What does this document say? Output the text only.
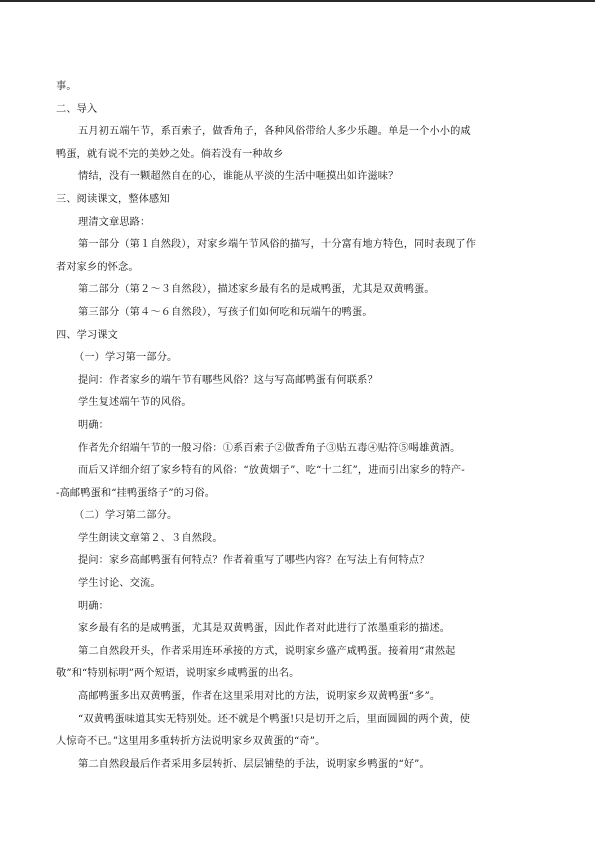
事。
二、导入
五月初五端午节，系百索子，做香角子，各种风俗带给人多少乐趣。单是一个小小的咸
鸭蛋，就有说不完的美妙之处。倘若没有一种故乡
情结，没有一颗超然自在的心，谁能从平淡的生活中咂摸出如许滋味？
三、阅读课文，整体感知
理清文章思路：
第一部分（第１自然段），对家乡端午节风俗的描写，十分富有地方特色，同时表现了作
者对家乡的怀念。
第二部分（第２～３自然段），描述家乡最有名的是咸鸭蛋，尤其是双黄鸭蛋。
第三部分（第４～６自然段），写孩子们如何吃和玩端午的鸭蛋。
四、学习课文
（一）学习第一部分。
提问：作者家乡的端午节有哪些风俗？这与写高邮鸭蛋有何联系？
学生复述端午节的风俗。
明确：
作者先介绍端午节的一般习俗：①系百索子②做香角子③贴五毒④贴符⑤喝雄黄酒。
而后又详细介绍了家乡特有的风俗：“放黄烟子”、吃“十二红”，进而引出家乡的特产-
-高邮鸭蛋和“挂鸭蛋络子”的习俗。
（二）学习第二部分。
学生朗读文章第２、３自然段。
提问：家乡高邮鸭蛋有何特点？作者着重写了哪些内容？在写法上有何特点？
学生讨论、交流。
明确：
家乡最有名的是咸鸭蛋，尤其是双黄鸭蛋，因此作者对此进行了浓墨重彩的描述。
第二自然段开头，作者采用连环承接的方式，说明家乡盛产咸鸭蛋。接着用“肃然起
敬”和“特别标明”两个短语，说明家乡咸鸭蛋的出名。
高邮鸭蛋多出双黄鸭蛋，作者在这里采用对比的方法，说明家乡双黄鸭蛋“多”。
“双黄鸭蛋味道其实无特别处。还不就是个鸭蛋!只是切开之后，里面圆圆的两个黄，使
人惊奇不已。”这里用多重转折方法说明家乡双黄蛋的“奇”。
第二自然段最后作者采用多层转折、层层铺垫的手法，说明家乡鸭蛋的“好”。
